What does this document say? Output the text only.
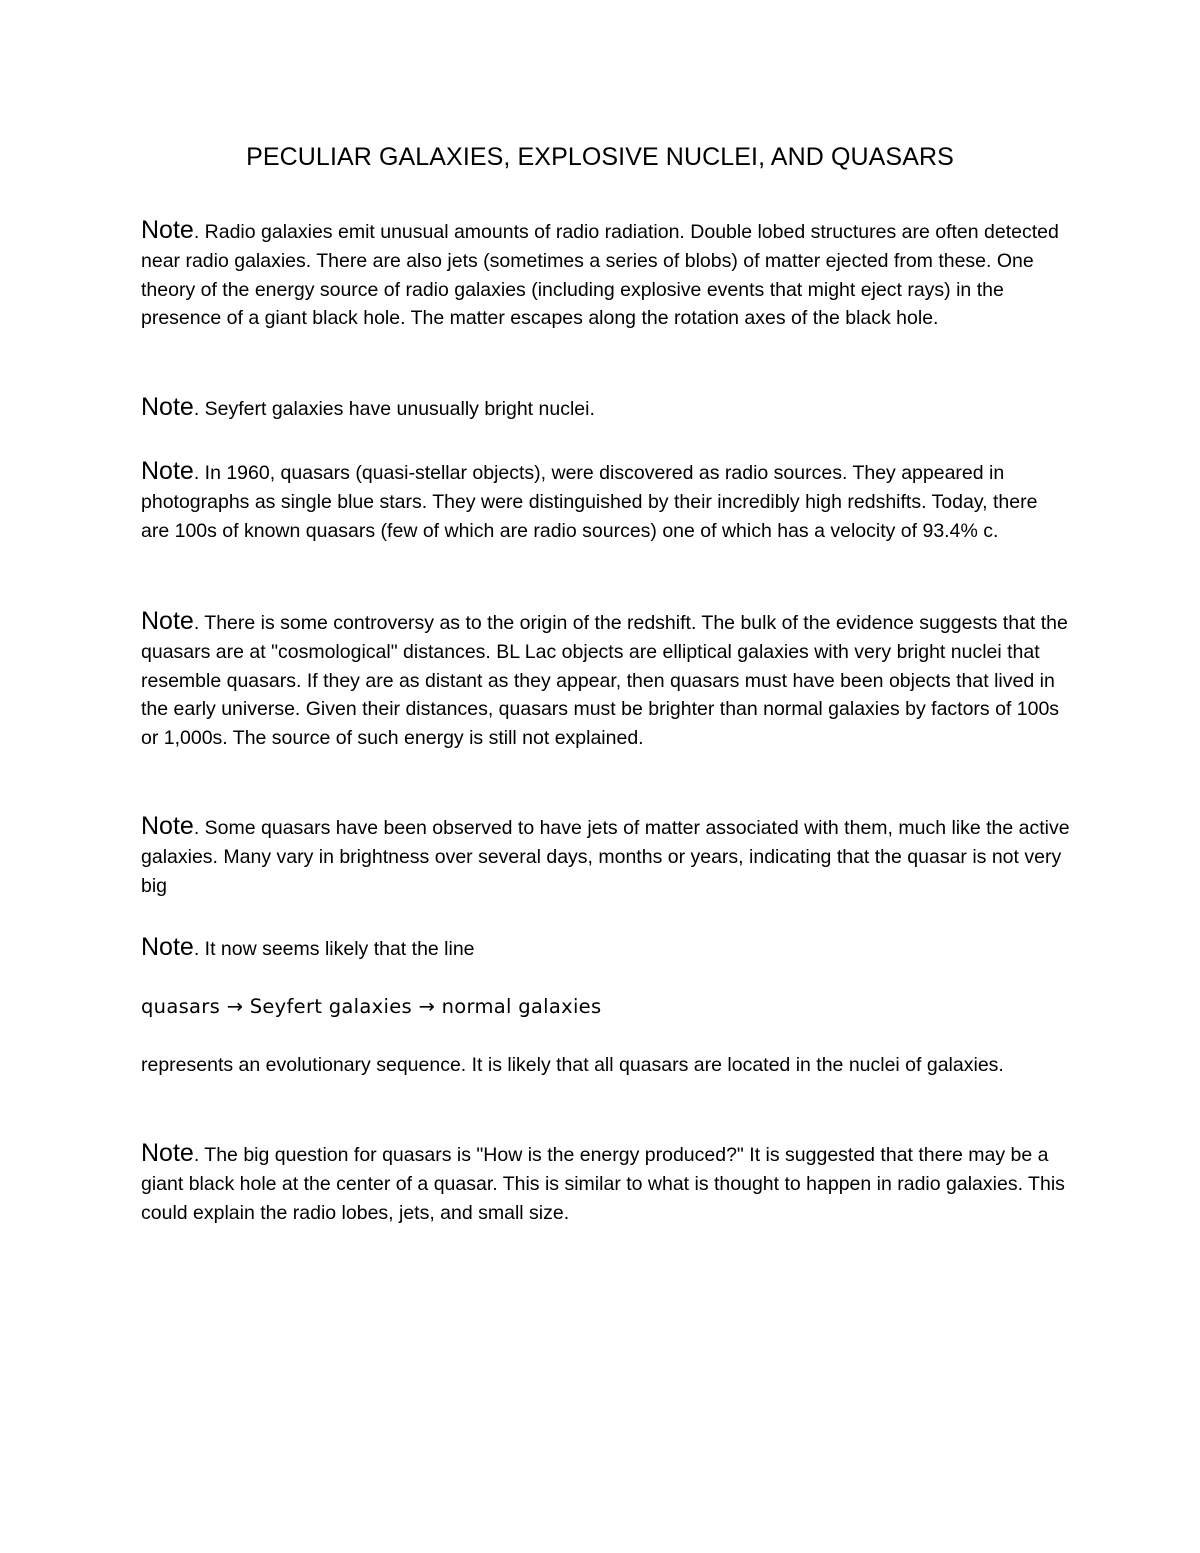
PECULIAR GALAXIES, EXPLOSIVE NUCLEI, AND QUASARS
Note. Radio galaxies emit unusual amounts of radio radiation. Double lobed structures are often detected near radio galaxies. There are also jets (sometimes a series of blobs) of matter ejected from these. One theory of the energy source of radio galaxies (including explosive events that might eject rays) in the presence of a giant black hole. The matter escapes along the rotation axes of the black hole.
Note. Seyfert galaxies have unusually bright nuclei.
Note. In 1960, quasars (quasi-stellar objects), were discovered as radio sources. They appeared in photographs as single blue stars. They were distinguished by their incredibly high redshifts. Today, there are 100s of known quasars (few of which are radio sources) one of which has a velocity of 93.4% c.
Note. There is some controversy as to the origin of the redshift. The bulk of the evidence suggests that the quasars are at "cosmological" distances. BL Lac objects are elliptical galaxies with very bright nuclei that resemble quasars. If they are as distant as they appear, then quasars must have been objects that lived in the early universe. Given their distances, quasars must be brighter than normal galaxies by factors of 100s or 1,000s. The source of such energy is still not explained.
Note. Some quasars have been observed to have jets of matter associated with them, much like the active galaxies. Many vary in brightness over several days, months or years, indicating that the quasar is not very big
Note. It now seems likely that the line
quasars → Seyfert galaxies → normal galaxies
represents an evolutionary sequence. It is likely that all quasars are located in the nuclei of galaxies.
Note. The big question for quasars is "How is the energy produced?" It is suggested that there may be a giant black hole at the center of a quasar. This is similar to what is thought to happen in radio galaxies. This could explain the radio lobes, jets, and small size.
